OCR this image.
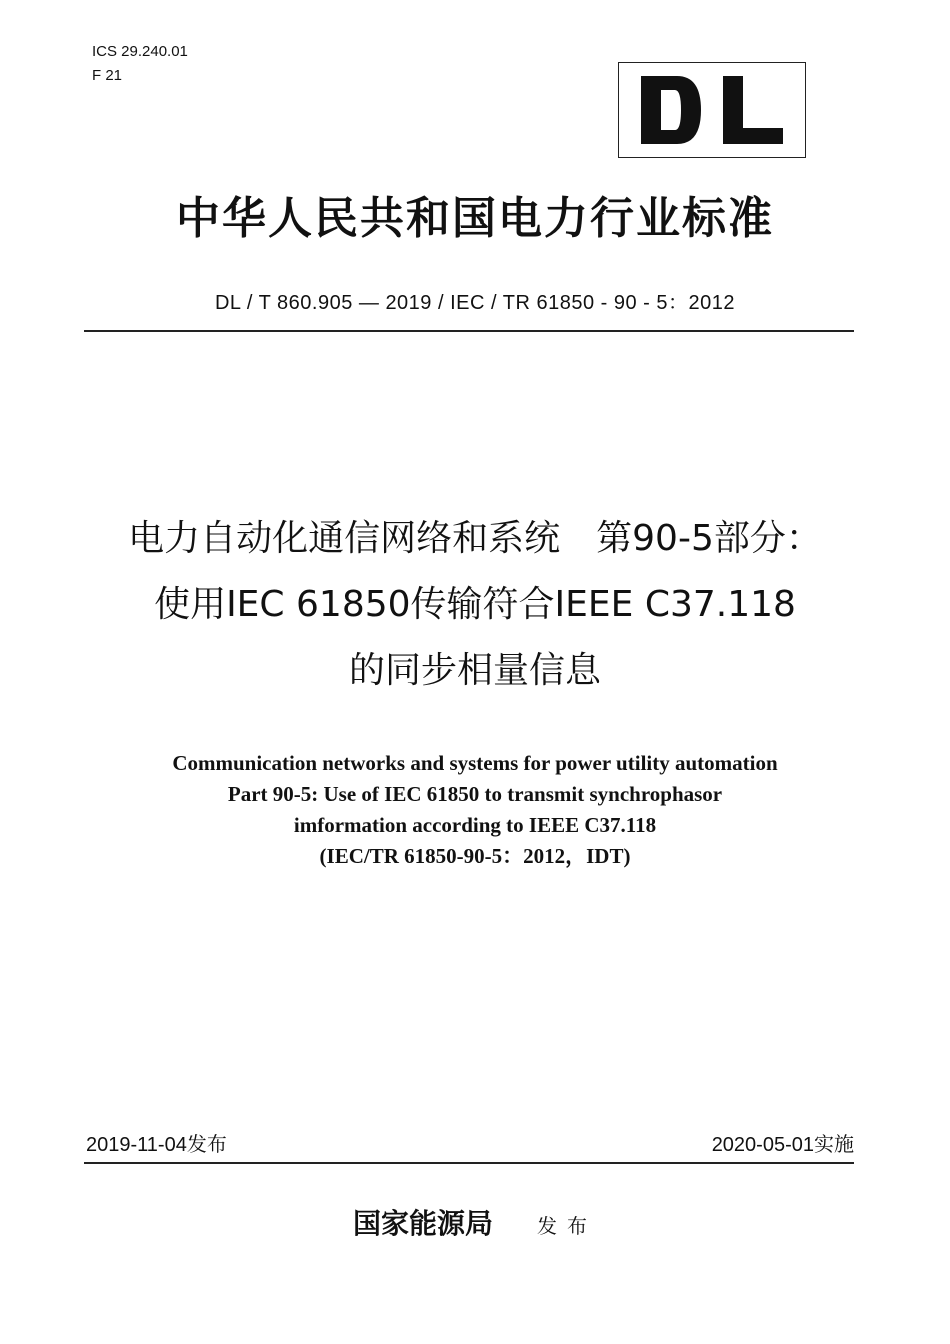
ICS 29.240.01
F 21
中华人民共和国电力行业标准
DL / T 860.905 — 2019 / IEC / TR 61850 - 90 - 5：2012
电力自动化通信网络和系统　第90-5部分：
使用IEC 61850传输符合IEEE C37.118
的同步相量信息
Communication networks and systems for power utility automation
Part 90-5: Use of IEC 61850 to transmit synchrophasor
imformation according to IEEE C37.118
(IEC/TR 61850-90-5：2012，IDT)
2019-11-04发布	2020-05-01实施
国家能源局 发布
